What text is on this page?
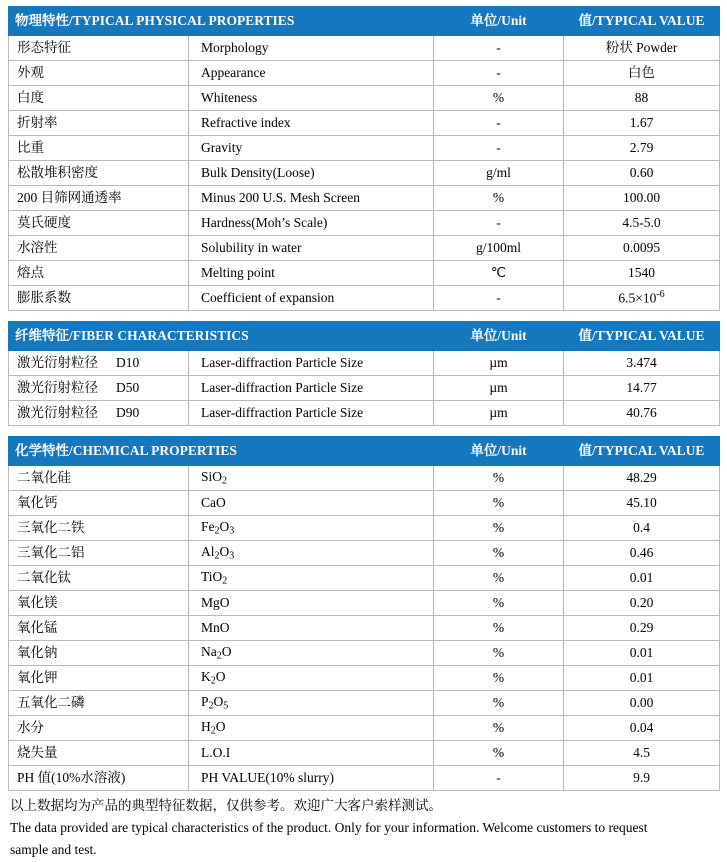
物理特性/TYPICAL PHYSICAL PROPERTIES		单位/Unit	值/TYPICAL VALUE
形态特征	Morphology	-	粉状 Powder
外观	Appearance	-	白色
白度	Whiteness	%	88
折射率	Refractive index	-	1.67
比重	Gravity	-	2.79
松散堆积密度	Bulk Density(Loose)	g/ml	0.60
200 目筛网通透率	Minus 200 U.S. Mesh Screen	%	100.00
莫氏硬度	Hardness(Moh’s Scale)	-	4.5-5.0
水溶性	Solubility in water	g/100ml	0.0095
熔点	Melting point	℃	1540
膨胀系数	Coefficient of expansion	-	$6.5\times 10^{-6}$
纤维特征/FIBER CHARACTERISTICS		单位/Unit	值/TYPICAL VALUE
激光衍射粒径 D10	Laser-diffraction Particle Size	µm	3.474
激光衍射粒径 D50	Laser-diffraction Particle Size	µm	14.77
激光衍射粒径 D90	Laser-diffraction Particle Size	µm	40.76
化学特性/CHEMICAL PROPERTIES		单位/Unit	值/TYPICAL VALUE
二氧化硅	SiO$_2$	%	48.29
氧化钙	CaO	%	45.10
三氧化二铁	$Fe_2O_3$	%	0.4
三氧化二铝	$Al_2O_3$	%	0.46
二氧化钛	TiO$_2$	%	0.01
氧化镁	MgO	%	0.20
氧化锰	MnO	%	0.29
氧化钠	$Na_2O$	%	0.01
氧化钾	$K_2O$	%	0.01
五氧化二磷	$P_2O_5$	%	0.00
水分	$H_2O$	%	0.04
烧失量	L.O.I	%	4.5
PH 值(10%水溶液)	PH VALUE(10% slurry)	-	9.9
以上数据均为产品的典型特征数据，仅供参考。欢迎广大客户索样测试。
The data provided are typical characteristics of the product. Only for your information. Welcome customers to request
sample and test.
